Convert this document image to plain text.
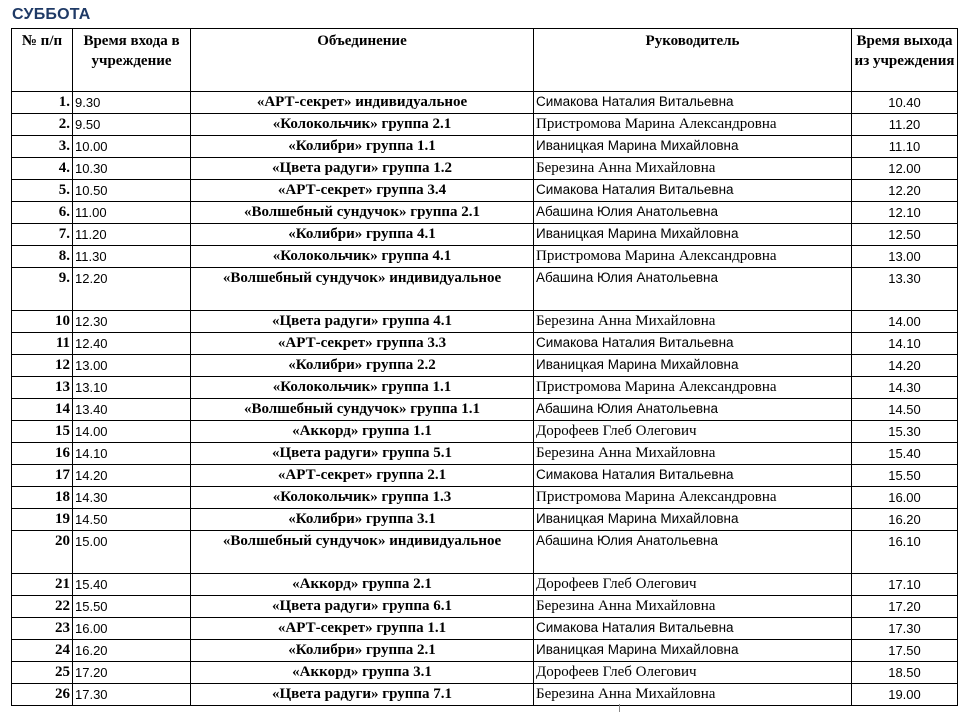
СУББОТА
№ п/п	Время входа в учреждение	Объединение	Руководитель	Время выхода из учреждения
1.	9.30	«АРТ-секрет» индивидуальное	Симакова Наталия Витальевна	10.40
2.	9.50	«Колокольчик» группа 2.1	Пристромова Марина Александровна	11.20
3.	10.00	«Колибри» группа 1.1	Иваницкая Марина Михайловна	11.10
4.	10.30	«Цвета радуги» группа 1.2	Березина Анна Михайловна	12.00
5.	10.50	«АРТ-секрет» группа 3.4	Симакова Наталия Витальевна	12.20
6.	11.00	«Волшебный сундучок» группа 2.1	Абашина Юлия Анатольевна	12.10
7.	11.20	«Колибри» группа 4.1	Иваницкая Марина Михайловна	12.50
8.	11.30	«Колокольчик» группа 4.1	Пристромова Марина Александровна	13.00
9.	12.20	«Волшебный сундучок» индивидуальное	Абашина Юлия Анатольевна	13.30
10	12.30	«Цвета радуги» группа 4.1	Березина Анна Михайловна	14.00
11	12.40	«АРТ-секрет» группа 3.3	Симакова Наталия Витальевна	14.10
12	13.00	«Колибри» группа 2.2	Иваницкая Марина Михайловна	14.20
13	13.10	«Колокольчик» группа 1.1	Пристромова Марина Александровна	14.30
14	13.40	«Волшебный сундучок» группа 1.1	Абашина Юлия Анатольевна	14.50
15	14.00	«Аккорд» группа 1.1	Дорофеев Глеб Олегович	15.30
16	14.10	«Цвета радуги» группа 5.1	Березина Анна Михайловна	15.40
17	14.20	«АРТ-секрет» группа 2.1	Симакова Наталия Витальевна	15.50
18	14.30	«Колокольчик» группа 1.3	Пристромова Марина Александровна	16.00
19	14.50	«Колибри» группа 3.1	Иваницкая Марина Михайловна	16.20
20	15.00	«Волшебный сундучок» индивидуальное	Абашина Юлия Анатольевна	16.10
21	15.40	«Аккорд» группа 2.1	Дорофеев Глеб Олегович	17.10
22	15.50	«Цвета радуги» группа 6.1	Березина Анна Михайловна	17.20
23	16.00	«АРТ-секрет» группа 1.1	Симакова Наталия Витальевна	17.30
24	16.20	«Колибри» группа 2.1	Иваницкая Марина Михайловна	17.50
25	17.20	«Аккорд» группа 3.1	Дорофеев Глеб Олегович	18.50
26	17.30	«Цвета радуги» группа 7.1	Березина Анна Михайловна	19.00
